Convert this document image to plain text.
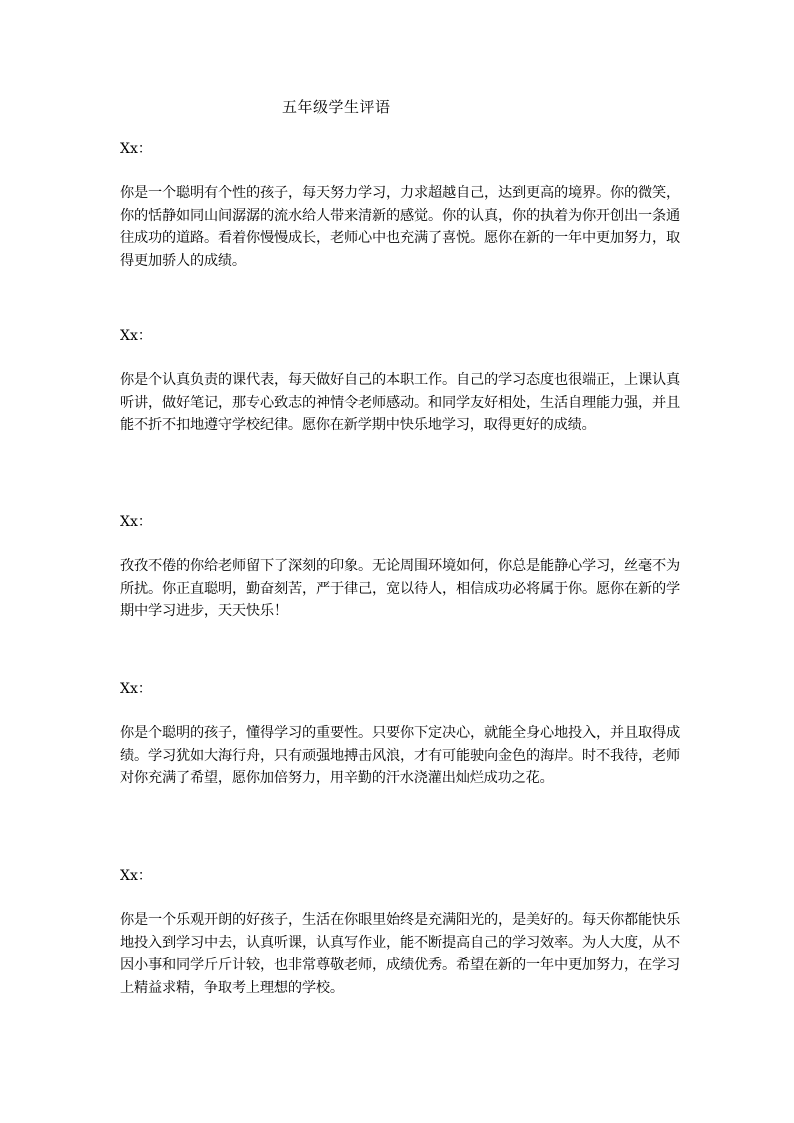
五年级学生评语

Xx：

你是一个聪明有个性的孩子，每天努力学习，力求超越自己，达到更高的境界。你的微笑，你的恬静如同山间潺潺的流水给人带来清新的感觉。你的认真，你的执着为你开创出一条通往成功的道路。看着你慢慢成长，老师心中也充满了喜悦。愿你在新的一年中更加努力，取得更加骄人的成绩。

Xx：

你是个认真负责的课代表，每天做好自己的本职工作。自己的学习态度也很端正，上课认真听讲，做好笔记，那专心致志的神情令老师感动。和同学友好相处，生活自理能力强，并且能不折不扣地遵守学校纪律。愿你在新学期中快乐地学习，取得更好的成绩。

Xx：

孜孜不倦的你给老师留下了深刻的印象。无论周围环境如何，你总是能静心学习，丝毫不为所扰。你正直聪明，勤奋刻苦，严于律己，宽以待人，相信成功必将属于你。愿你在新的学期中学习进步，天天快乐！

Xx：

你是个聪明的孩子，懂得学习的重要性。只要你下定决心，就能全身心地投入，并且取得成绩。学习犹如大海行舟，只有顽强地搏击风浪，才有可能驶向金色的海岸。时不我待，老师对你充满了希望，愿你加倍努力，用辛勤的汗水浇灌出灿烂成功之花。

Xx：

你是一个乐观开朗的好孩子，生活在你眼里始终是充满阳光的，是美好的。每天你都能快乐地投入到学习中去，认真听课，认真写作业，能不断提高自己的学习效率。为人大度，从不因小事和同学斤斤计较，也非常尊敬老师，成绩优秀。希望在新的一年中更加努力，在学习上精益求精，争取考上理想的学校。
